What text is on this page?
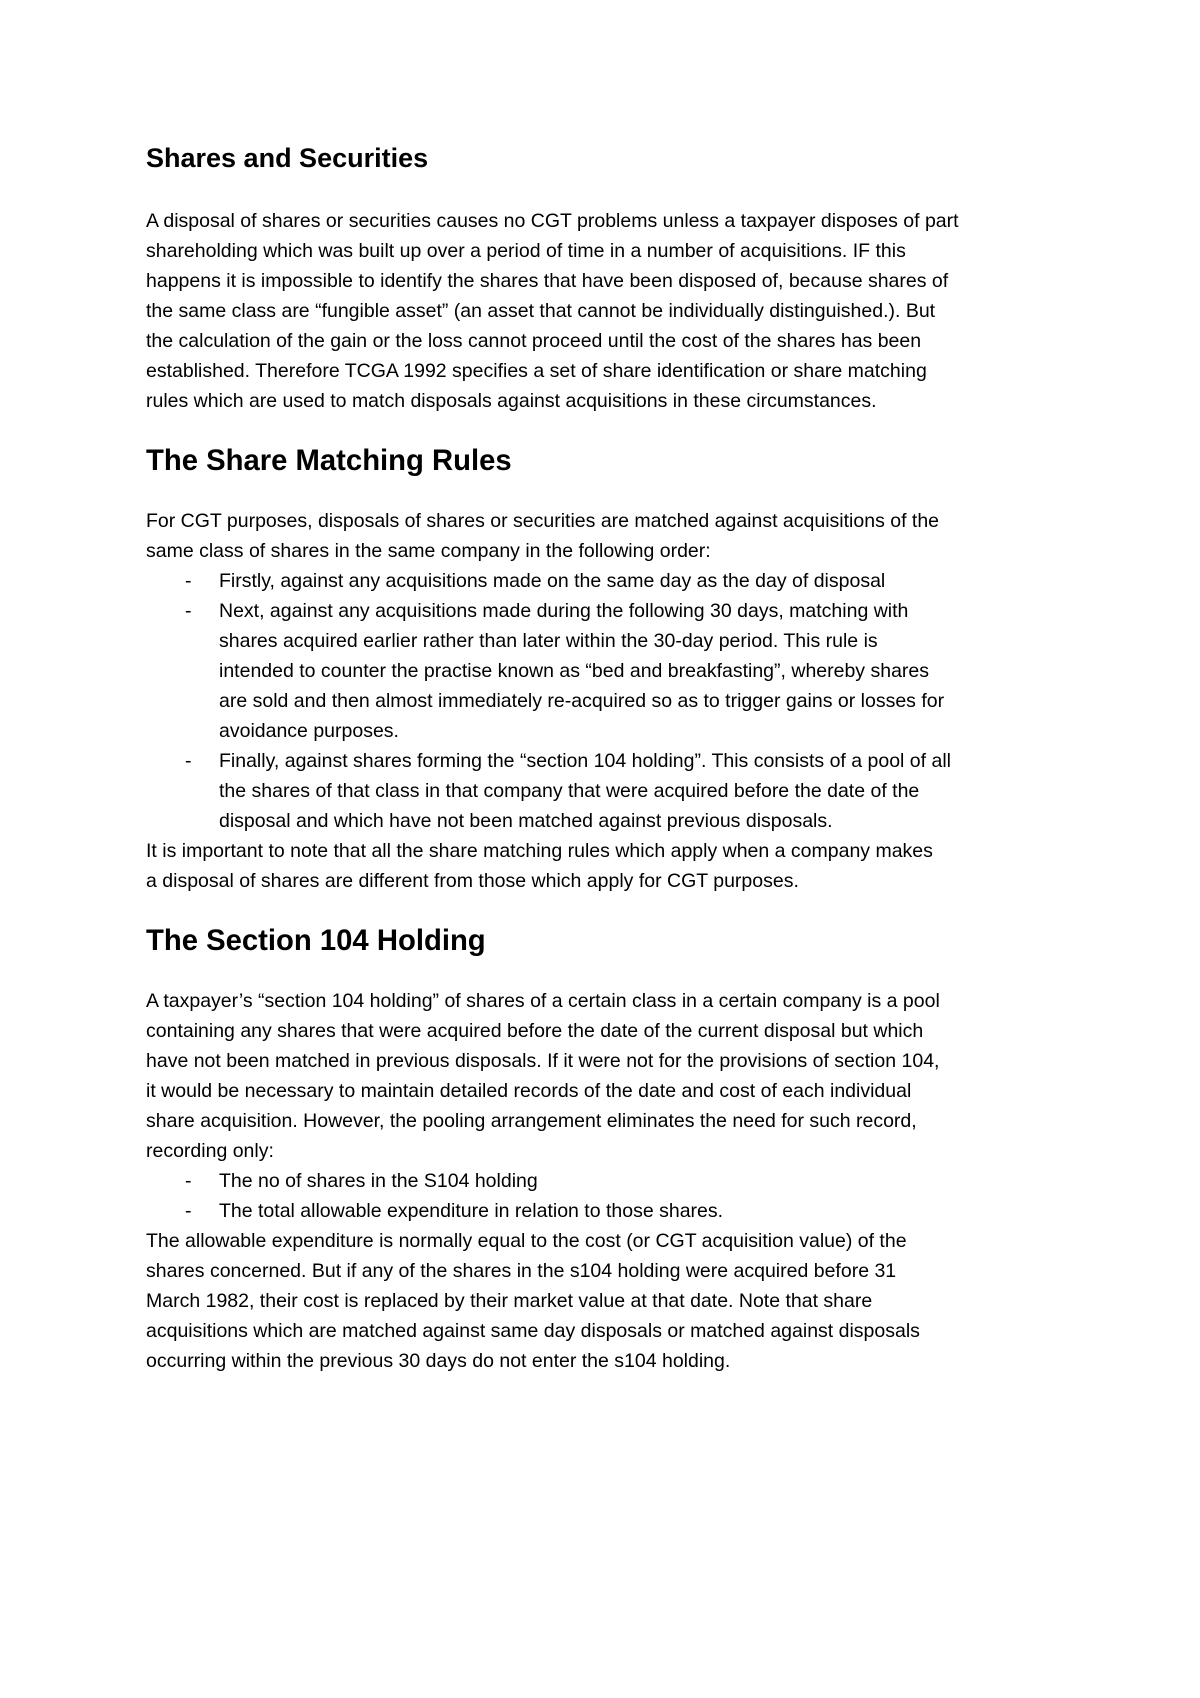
Shares and Securities

A disposal of shares or securities causes no CGT problems unless a taxpayer disposes of part
shareholding which was built up over a period of time in a number of acquisitions. IF this
happens it is impossible to identify the shares that have been disposed of, because shares of
the same class are “fungible asset” (an asset that cannot be individually distinguished.). But
the calculation of the gain or the loss cannot proceed until the cost of the shares has been
established. Therefore TCGA 1992 specifies a set of share identification or share matching
rules which are used to match disposals against acquisitions in these circumstances.

The Share Matching Rules

For CGT purposes, disposals of shares or securities are matched against acquisitions of the
same class of shares in the same company in the following order:

- Firstly, against any acquisitions made on the same day as the day of disposal
- Next, against any acquisitions made during the following 30 days, matching with
shares acquired earlier rather than later within the 30-day period. This rule is
intended to counter the practise known as “bed and breakfasting”, whereby shares
are sold and then almost immediately re-acquired so as to trigger gains or losses for
avoidance purposes.
- Finally, against shares forming the “section 104 holding”. This consists of a pool of all
the shares of that class in that company that were acquired before the date of the
disposal and which have not been matched against previous disposals.

It is important to note that all the share matching rules which apply when a company makes
a disposal of shares are different from those which apply for CGT purposes.

The Section 104 Holding

A taxpayer’s “section 104 holding” of shares of a certain class in a certain company is a pool
containing any shares that were acquired before the date of the current disposal but which
have not been matched in previous disposals. If it were not for the provisions of section 104,
it would be necessary to maintain detailed records of the date and cost of each individual
share acquisition. However, the pooling arrangement eliminates the need for such record,
recording only:

- The no of shares in the S104 holding
- The total allowable expenditure in relation to those shares.

The allowable expenditure is normally equal to the cost (or CGT acquisition value) of the
shares concerned. But if any of the shares in the s104 holding were acquired before 31
March 1982, their cost is replaced by their market value at that date. Note that share
acquisitions which are matched against same day disposals or matched against disposals
occurring within the previous 30 days do not enter the s104 holding.
